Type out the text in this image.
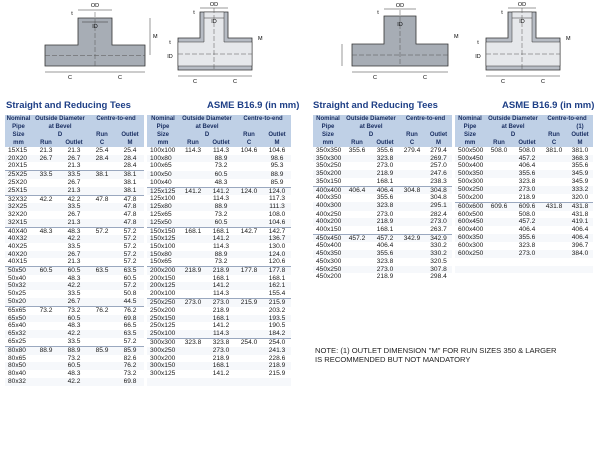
OD
t
M
C	C
ID
ID
OD
t
M
C	C
t
ID
OD
t
ID
M
C	C
ID
OD
t
M
C	C
t
ID
Straight and Reducing Tees	ASME B16.9 (in mm)
Nominal	Outside Diameter		Centre-to-end			Nominal	Outside Diameter		Centre-to-end	
Pipe	at Bevel					Pipe	at Bevel			
Size	D		Run	Outlet		Size	D		Run	Outlet
mm	Run	Outlet	C	M		mm	Run	Outlet	C	M
15X15	21.3	21.3	25.4	25.4		100x100	114.3	114.3	104.6	104.6
20X20	26.7	26.7	28.4	28.4		100x80		88.9		98.6
20X15		21.3		28.4		100x65		73.2		95.3
25X25	33.5	33.5	38.1	38.1		100x50		60.5		88.9
25X20		26.7		38.1		100x40		48.3		85.9
25X15		21.3		38.1		125x125	141.2	141.2	124.0	124.0
32X32	42.2	42.2	47.8	47.8		125x100		114.3		117.3
32X25		33.5		47.8		125x80		88.9		111.3
32X20		26.7		47.8		125x65		73.2		108.0
32X15		21.3		47.8		125x50		60.5		104.6
40X40	48.3	48.3	57.2	57.2		150x150	168.1	168.1	142.7	142.7
40X32		42.2		57.2		150x125		141.2		136.7
40X25		33.5		57.2		150x100		114.3		130.0
40X20		26.7		57.2		150x80		88.9		124.0
40X15		21.3		57.2		150x65		73.2		120.6
50x50	60.5	60.5	63.5	63.5		200x200	218.9	218.9	177.8	177.8
50x40		48.3		60.5		200x150		168.1		168.1
50x32		42.2		57.2		200x125		141.2		162.1
50x25		33.5		50.8		200x100		114.3		155.4
50x20		26.7		44.5		250x250	273.0	273.0	215.9	215.9
65x65	73.2	73.2	76.2	76.2		250x200		218.9		203.2
65x50		60.5		69.8		250x150		168.1		193.5
65x40		48.3		66.5		250x125		141.2		190.5
65x32		42.2		63.5		250x100		114.3		184.2
65x25		33.5		57.2		300x300	323.8	323.8	254.0	254.0
80x80	88.9	88.9	85.9	85.9		300x250		273.0		241.3
80x65		73.2		82.6		300x200		218.9		228.6
80x50		60.5		76.2		300x150		168.1		218.9
80x40		48.3		73.2		300x125		141.2		215.9
80x32		42.2		69.8						
Straight and Reducing Tees	ASME B16.9 (in mm)
Nominal	Outside Diameter		Centre-to-end			Nominal	Outside Diameter		Centre-to-end	
Pipe	at Bevel					Pipe	at Bevel			(1)
Size	D		Run	Outlet		Size	D		Run	Outlet
mm	Run	Outlet	C	M		mm	Run	Outlet	C	M
350x350	355.6	355.6	279.4	279.4		500x500	508.0	508.0	381.0	381.0
350x300		323.8		269.7		500x450		457.2		368.3
350x250		273.0		257.0		500x400		406.4		355.6
350x200		218.9		247.6		500x350		355.6		345.9
350x150		168.1		238.3		500x300		323.8		345.9
400x400	406.4	406.4	304.8	304.8		500x250		273.0		333.2
400x350		355.6		304.8		500x200		218.9		320.0
400x300		323.8		295.1		600x600	609.6	609.6	431.8	431.8
400x250		273.0		282.4		600x500		508.0		431.8
400x200		218.9		273.0		600x450		457.2		419.1
400x150		168.1		263.7		600x400		406.4		406.4
450x450	457.2	457.2	342.9	342.9		600x350		355.6		406.4
450x400		406.4		330.2		600x300		323.8		396.7
450x350		355.6		330.2		600x250		273.0		384.0
450x300		323.8		320.5						
450x250		273.0		307.8						
450x200		218.9		298.4						
NOTE: (1) OUTLET DIMENSION "M" FOR RUN SIZES 350 & LARGER
IS RECOMMENDED BUT NOT MANDATORY
